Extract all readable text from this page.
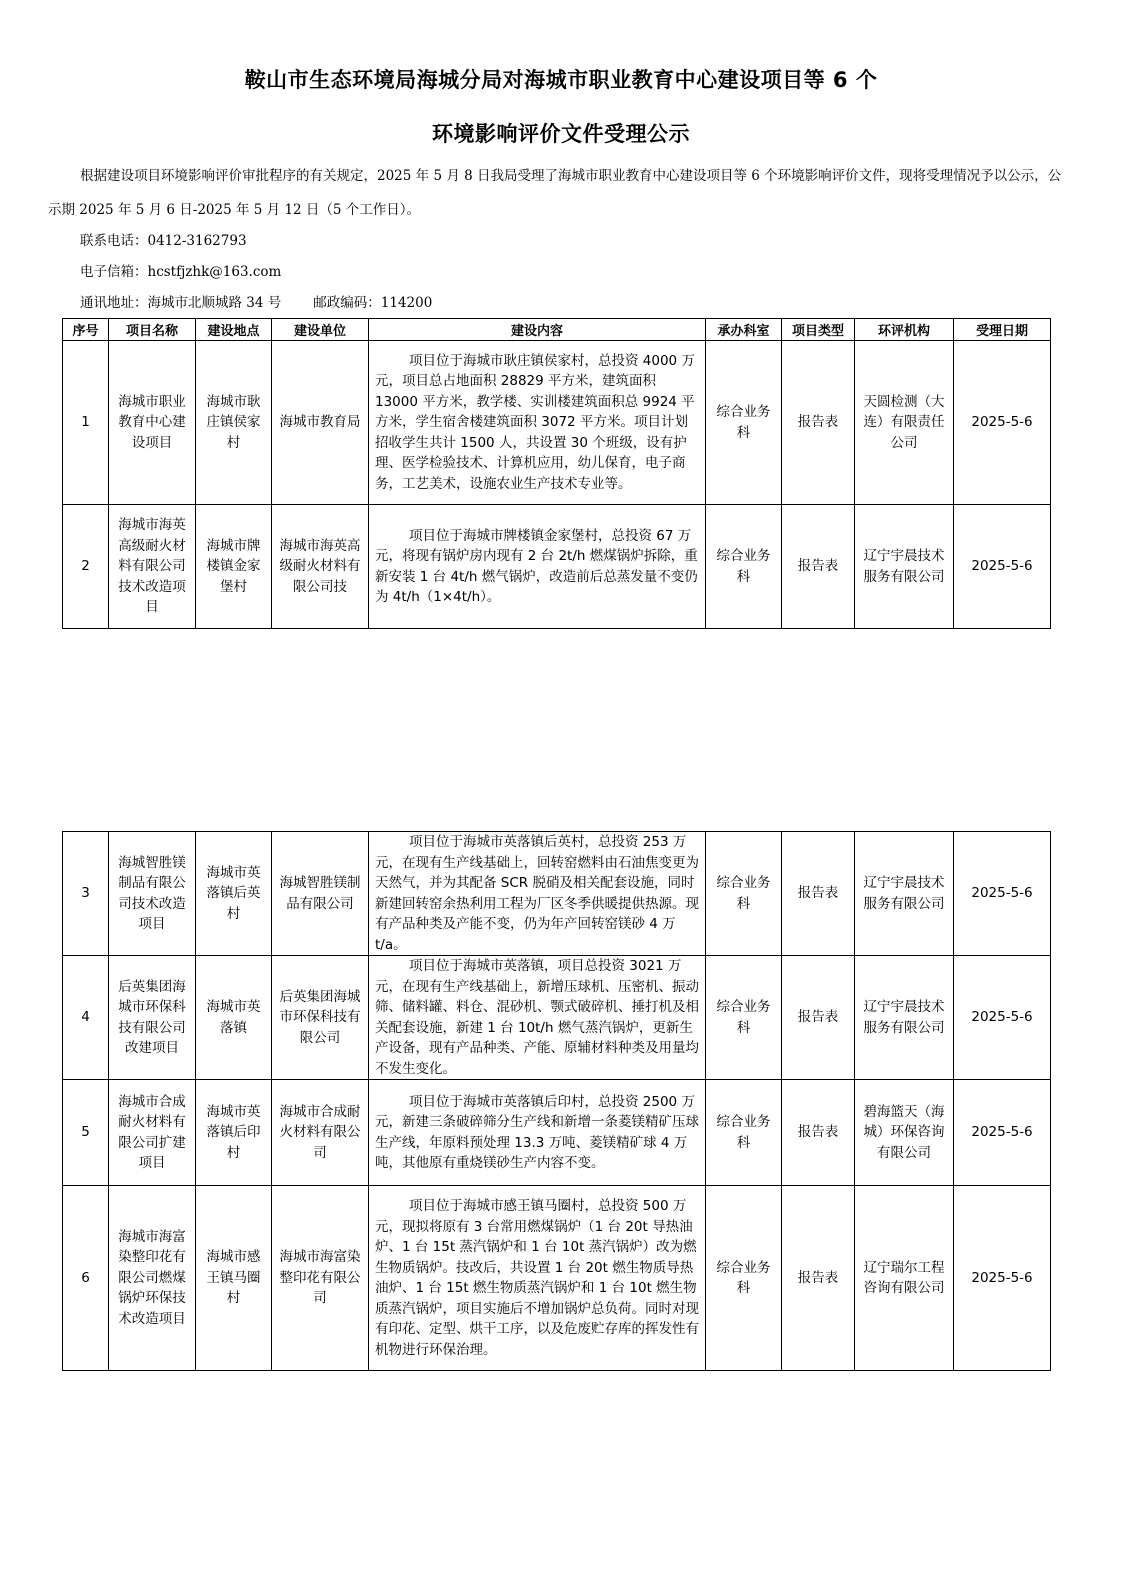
鞍山市生态环境局海城分局对海城市职业教育中心建设项目等 6 个
环境影响评价文件受理公示
根据建设项目环境影响评价审批程序的有关规定，2025 年 5 月 8 日我局受理了海城市职业教育中心建设项目等 6 个环境影响评价文件，现将受理情况予以公示，公示期 2025 年 5 月 6 日-2025 年 5 月 12 日（5 个工作日）。
联系电话：0412-3162793
电子信箱：hcstfjzhk@163.com
通讯地址：海城市北顺城路 34 号 邮政编码：114200
序号	项目名称	建设地点	建设单位	建设内容	承办科室	项目类型	环评机构	受理日期
1	海城市职业教育中心建设项目	海城市耿庄镇侯家村	海城市教育局	项目位于海城市耿庄镇侯家村，总投资 4000 万元，项目总占地面积 28829 平方米，建筑面积 13000 平方米，教学楼、实训楼建筑面积总 9924 平方米，学生宿舍楼建筑面积 3072 平方米。项目计划招收学生共计 1500 人，共设置 30 个班级，设有护理、医学检验技术、计算机应用，幼儿保育，电子商务，工艺美术，设施农业生产技术专业等。	综合业务科	报告表	天圆检测（大连）有限责任公司	2025-5-6
2	海城市海英高级耐火材料有限公司技术改造项目	海城市牌楼镇金家堡村	海城市海英高级耐火材料有限公司技	项目位于海城市牌楼镇金家堡村，总投资 67 万元，将现有锅炉房内现有 2 台 2t/h 燃煤锅炉拆除，重新安装 1 台 4t/h 燃气锅炉，改造前后总蒸发量不变仍为 4t/h（1×4t/h）。	综合业务科	报告表	辽宁宇晨技术服务有限公司	2025-5-6
3	海城智胜镁制品有限公司技术改造项目	海城市英落镇后英村	海城智胜镁制品有限公司	项目位于海城市英落镇后英村，总投资 253 万元，在现有生产线基础上，回转窑燃料由石油焦变更为天然气，并为其配备 SCR 脱硝及相关配套设施，同时新建回转窑余热利用工程为厂区冬季供暖提供热源。现有产品种类及产能不变，仍为年产回转窑镁砂 4 万 t/a。	综合业务科	报告表	辽宁宇晨技术服务有限公司	2025-5-6
4	后英集团海城市环保科技有限公司改建项目	海城市英落镇	后英集团海城市环保科技有限公司	项目位于海城市英落镇，项目总投资 3021 万元，在现有生产线基础上，新增压球机、压密机、振动筛、储料罐、料仓、混砂机、颚式破碎机、捶打机及相关配套设施，新建 1 台 10t/h 燃气蒸汽锅炉，更新生产设备，现有产品种类、产能、原辅材料种类及用量均不发生变化。	综合业务科	报告表	辽宁宇晨技术服务有限公司	2025-5-6
5	海城市合成耐火材料有限公司扩建项目	海城市英落镇后印村	海城市合成耐火材料有限公司	项目位于海城市英落镇后印村，总投资 2500 万元，新建三条破碎筛分生产线和新增一条菱镁精矿压球生产线，年原料预处理 13.3 万吨、菱镁精矿球 4 万吨，其他原有重烧镁砂生产内容不变。	综合业务科	报告表	碧海篮天（海城）环保咨询有限公司	2025-5-6
6	海城市海富染整印花有限公司燃煤锅炉环保技术改造项目	海城市感王镇马圈村	海城市海富染整印花有限公司	项目位于海城市感王镇马圈村，总投资 500 万元，现拟将原有 3 台常用燃煤锅炉（1 台 20t 导热油炉、1 台 15t 蒸汽锅炉和 1 台 10t 蒸汽锅炉）改为燃生物质锅炉。技改后，共设置 1 台 20t 燃生物质导热油炉、1 台 15t 燃生物质蒸汽锅炉和 1 台 10t 燃生物质蒸汽锅炉，项目实施后不增加锅炉总负荷。同时对现有印花、定型、烘干工序，以及危废贮存库的挥发性有机物进行环保治理。	综合业务科	报告表	辽宁瑞尔工程咨询有限公司	2025-5-6
